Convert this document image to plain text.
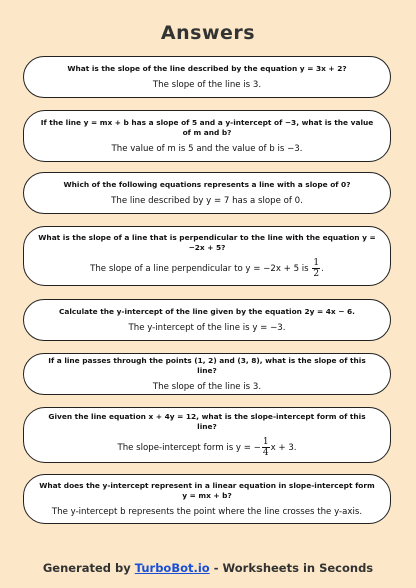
Answers
What is the slope of the line described by the equation y = 3x + 2?
The slope of the line is 3.
If the line y = mx + b has a slope of 5 and a y-intercept of −3, what is the value of m and b?
The value of m is 5 and the value of b is −3.
Which of the following equations represents a line with a slope of 0?
The line described by y = 7 has a slope of 0.
What is the slope of a line that is perpendicular to the line with the equation y = −2x + 5?
The slope of a line perpendicular to y = −2x + 5 is $\frac{1}{2}$ .
Calculate the y-intercept of the line given by the equation 2y = 4x − 6.
The y-intercept of the line is y = −3.
If a line passes through the points (1, 2) and (3, 8), what is the slope of this line?
The slope of the line is 3.
Given the line equation x + 4y = 12, what is the slope-intercept form of this line?
The slope-intercept form is y = − $\frac{1}{4}$ x + 3.
What does the y-intercept represent in a linear equation in slope-intercept form y = mx + b?
The y-intercept b represents the point where the line crosses the y-axis.
Generated by TurboBot.io - Worksheets in Seconds
